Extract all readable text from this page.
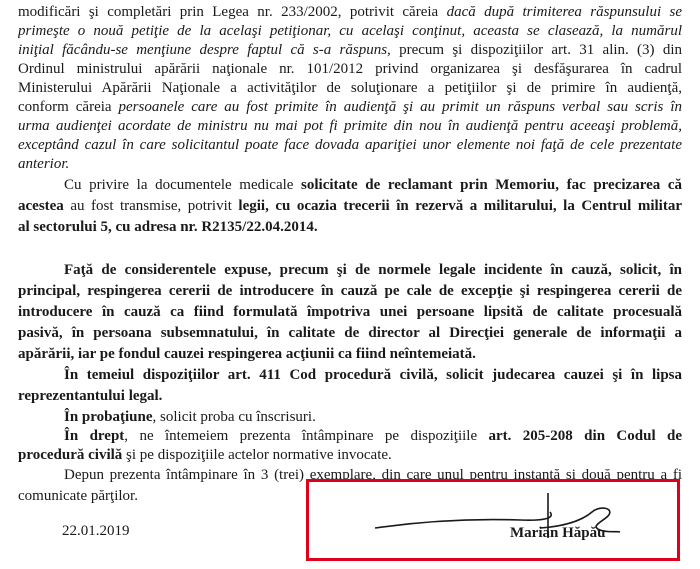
modificări şi completări prin Legea nr. 233/2002, potrivit căreia dacă după trimiterea răspunsului se
primeşte o nouă petiţie de la acelaşi petiţionar, cu acelaşi conţinut, aceasta se clasează, la numărul
iniţial făcându-se menţiune despre faptul că s-a răspuns, precum şi dispoziţiilor art. 31 alin. (3) din
Ordinul ministrului apărării naţionale nr. 101/2012 privind organizarea şi desfăşurarea în cadrul
Ministerului Apărării Naţionale a activităţilor de soluţionare a petiţiilor şi de primire în audienţă,
conform căreia persoanele care au fost primite în audienţă şi au primit un răspuns verbal sau scris în
urma audienţei acordate de ministru nu mai pot fi primite din nou în audienţă pentru aceeaşi problemă,
exceptând cazul în care solicitantul poate face dovada apariţiei unor elemente noi faţă de cele prezentate
anterior.
Cu privire la documentele medicale solicitate de reclamant prin Memoriu, fac precizarea că
acestea au fost transmise, potrivit legii, cu ocazia trecerii în rezervă a militarului, la Centrul militar
al sectorului 5, cu adresa nr. R2135/22.04.2014.
Faţă de considerentele expuse, precum şi de normele legale incidente în cauză, solicit, în
principal, respingerea cererii de introducere în cauză pe cale de excepţie şi respingerea cererii de
introducere în cauză ca fiind formulată împotriva unei persoane lipsită de calitate procesuală
pasivă, în persoana subsemnatului, în calitate de director al Direcţiei generale de informaţii a
apărării, iar pe fondul cauzei respingerea acţiunii ca fiind neîntemeiată.
În temeiul dispoziţiilor art. 411 Cod procedură civilă, solicit judecarea cauzei şi în lipsa
reprezentantului legal.
În probaţiune, solicit proba cu înscrisuri.
În drept, ne întemeiem prezenta întâmpinare pe dispoziţiile art. 205-208 din Codul de
procedură civilă şi pe dispoziţiile actelor normative invocate.
Depun prezenta întâmpinare în 3 (trei) exemplare, din care unul pentru instanţă şi două pentru a fi
comunicate părţilor.
22.01.2019	Marian Hăpău
